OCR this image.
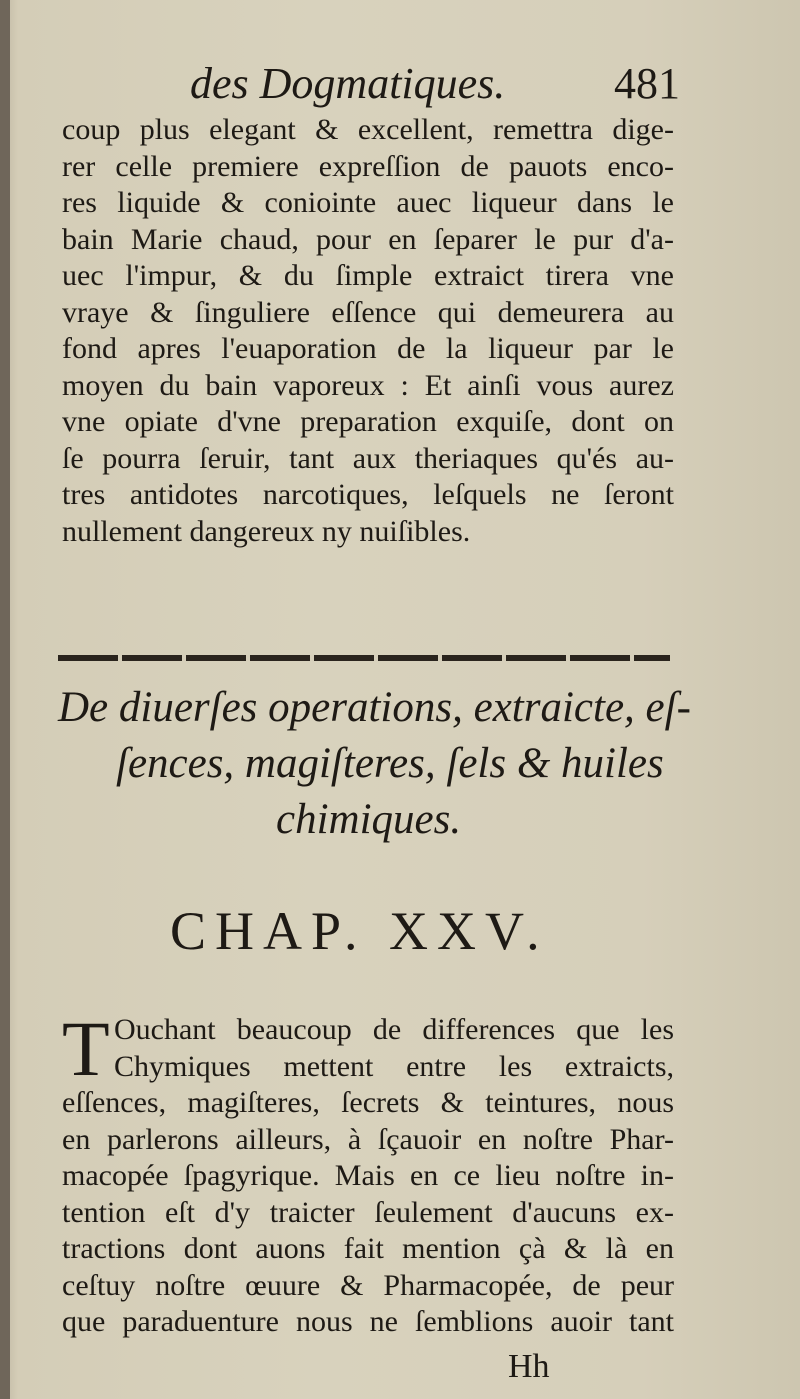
des Dogmatiques. 481
coup plus elegant & excellent, remettra dige-
rer celle premiere expreſſion de pauots enco-
res liquide & coniointe auec liqueur dans le
bain Marie chaud, pour en ſeparer le pur d'a-
uec l'impur, & du ſimple extraict tirera vne
vraye & ſinguliere eſſence qui demeurera au
fond apres l'euaporation de la liqueur par le
moyen du bain vaporeux : Et ainſi vous aurez
vne opiate d'vne preparation exquiſe, dont on
ſe pourra ſeruir, tant aux theriaques qu'és au-
tres antidotes narcotiques, leſquels ne ſeront
nullement dangereux ny nuiſibles.
De diuerſes operations, extraicte, eſ-
ſences, magiſteres, ſels & huiles
chimiques.
CHAP. XXV.
T Ouchant beaucoup de differences que les
Chymiques mettent entre les extraicts,
eſſences, magiſteres, ſecrets & teintures, nous
en parlerons ailleurs, à ſçauoir en noſtre Phar-
macopée ſpagyrique. Mais en ce lieu noſtre in-
tention eſt d'y traicter ſeulement d'aucuns ex-
tractions dont auons fait mention çà & là en
ceſtuy noſtre œuure & Pharmacopée, de peur
que paraduenture nous ne ſemblions auoir tant
Hh
